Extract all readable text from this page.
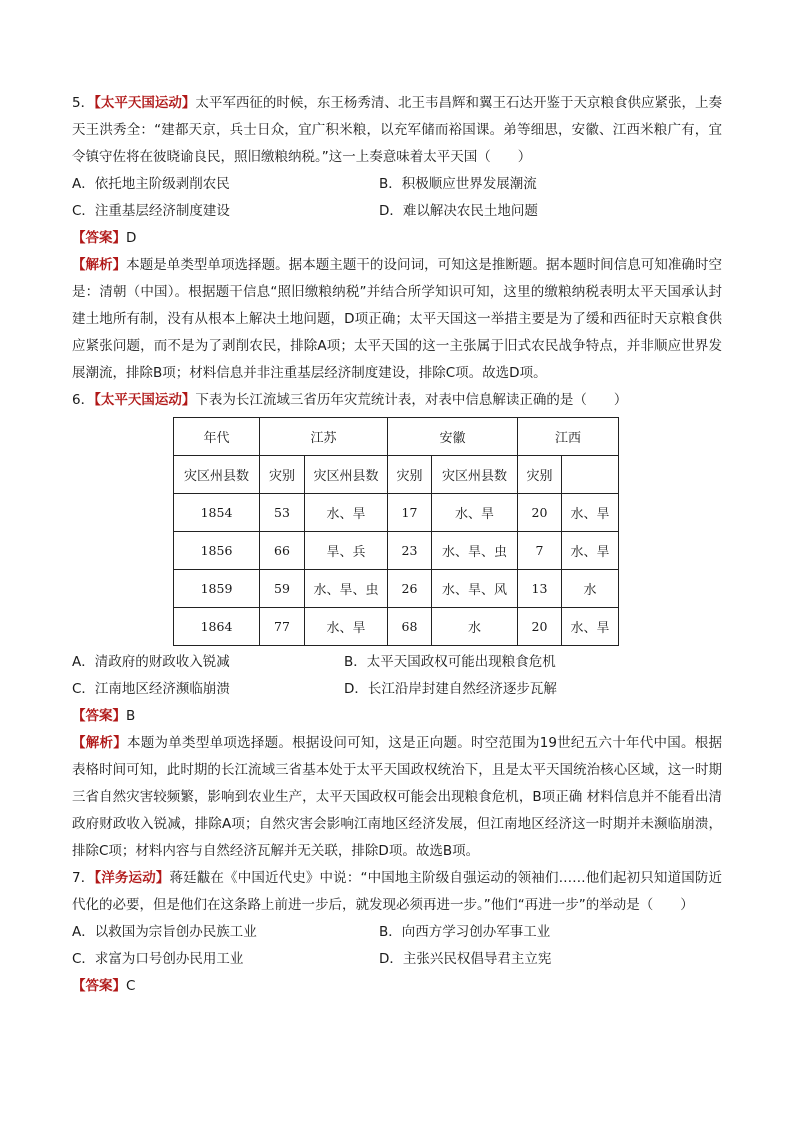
5．【太平天国运动】太平军西征的时候，东王杨秀清、北王韦昌辉和翼王石达开鉴于天京粮食供应紧张，上奏天王洪秀全：“建都天京，兵士日众，宜广积米粮，以充军储而裕国课。弟等细思，安徽、江西米粮广有，宜令镇守佐将在彼晓谕良民，照旧缴粮纳税。”这一上奏意味着太平天国（　　）

A．依托地主阶级剥削农民	B．积极顺应世界发展潮流
C．注重基层经济制度建设	D．难以解决农民土地问题

【答案】D

【解析】本题是单类型单项选择题。据本题主题干的设问词，可知这是推断题。据本题时间信息可知准确时空是：清朝（中国）。根据题干信息“照旧缴粮纳税”并结合所学知识可知，这里的缴粮纳税表明太平天国承认封建土地所有制，没有从根本上解决土地问题，D项正确；太平天国这一举措主要是为了缓和西征时天京粮食供应紧张问题，而不是为了剥削农民，排除A项；太平天国的这一主张属于旧式农民战争特点，并非顺应世界发展潮流，排除B项；材料信息并非注重基层经济制度建设，排除C项。故选D项。

6．【太平天国运动】下表为长江流域三省历年灾荒统计表，对表中信息解读正确的是（　　）

年代	江苏		安徽		江西	
灾区州县数	灾别	灾区州县数	灾别	灾区州县数	灾别	
1854	53	水、旱	17	水、旱	20	水、旱
1856	66	旱、兵	23	水、旱、虫	7	水、旱
1859	59	水、旱、虫	26	水、旱、风	13	水
1864	77	水、旱	68	水	20	水、旱
A．清政府的财政收入锐减	B．太平天国政权可能出现粮食危机
C．江南地区经济濒临崩溃	D．长江沿岸封建自然经济逐步瓦解

【答案】B

【解析】本题为单类型单项选择题。根据设问可知，这是正向题。时空范围为19世纪五六十年代中国。根据表格时间可知，此时期的长江流域三省基本处于太平天国政权统治下，且是太平天国统治核心区域，这一时期三省自然灾害较频繁，影响到农业生产，太平天国政权可能会出现粮食危机，B项正确 材料信息并不能看出清政府财政收入锐减，排除A项；自然灾害会影响江南地区经济发展，但江南地区经济这一时期并未濒临崩溃，排除C项；材料内容与自然经济瓦解并无关联，排除D项。故选B项。

7．【洋务运动】蒋廷黻在《中国近代史》中说：“中国地主阶级自强运动的领袖们……他们起初只知道国防近代化的必要，但是他们在这条路上前进一步后，就发现必须再进一步。”他们“再进一步”的举动是（　　）

A．以救国为宗旨创办民族工业	B．向西方学习创办军事工业
C．求富为口号创办民用工业	D．主张兴民权倡导君主立宪

【答案】C
